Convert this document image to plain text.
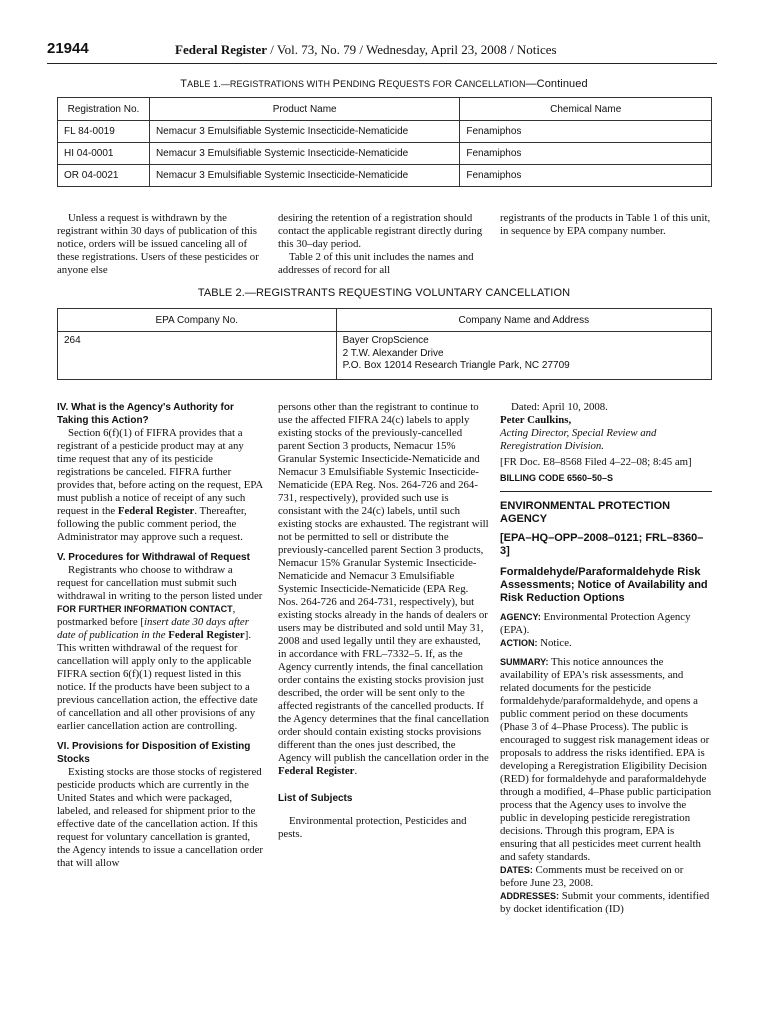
21944	Federal Register / Vol. 73, No. 79 / Wednesday, April 23, 2008 / Notices
TABLE 1.—REGISTRATIONS WITH PENDING REQUESTS FOR CANCELLATION—Continued
Registration No.	Product Name	Chemical Name
FL 84-0019	Nemacur 3 Emulsifiable Systemic Insecticide-Nematicide	Fenamiphos
HI 04-0001	Nemacur 3 Emulsifiable Systemic Insecticide-Nematicide	Fenamiphos
OR 04-0021	Nemacur 3 Emulsifiable Systemic Insecticide-Nematicide	Fenamiphos

Unless a request is withdrawn by the registrant within 30 days of publication of this notice, orders will be issued canceling all of these registrations. Users of these pesticides or anyone else

desiring the retention of a registration should contact the applicable registrant directly during this 30–day period.

Table 2 of this unit includes the names and addresses of record for all

registrants of the products in Table 1 of this unit, in sequence by EPA company number.

TABLE 2.—REGISTRANTS REQUESTING VOLUNTARY CANCELLATION
EPA Company No.	Company Name and Address
264	Bayer CropScience
2 T.W. Alexander Drive
P.O. Box 12014 Research Triangle Park, NC 27709
IV. What is the Agency's Authority for Taking this Action?

Section 6(f)(1) of FIFRA provides that a registrant of a pesticide product may at any time request that any of its pesticide registrations be canceled. FIFRA further provides that, before acting on the request, EPA must publish a notice of receipt of any such request in the Federal Register. Thereafter, following the public comment period, the Administrator may approve such a request.

V. Procedures for Withdrawal of Request

Registrants who choose to withdraw a request for cancellation must submit such withdrawal in writing to the person listed under FOR FURTHER INFORMATION CONTACT, postmarked before [insert date 30 days after date of publication in the Federal Register]. This written withdrawal of the request for cancellation will apply only to the applicable FIFRA section 6(f)(1) request listed in this notice. If the products have been subject to a previous cancellation action, the effective date of cancellation and all other provisions of any earlier cancellation action are controlling.

VI. Provisions for Disposition of Existing Stocks

Existing stocks are those stocks of registered pesticide products which are currently in the United States and which were packaged, labeled, and released for shipment prior to the effective date of the cancellation action. If this request for voluntary cancellation is granted, the Agency intends to issue a cancellation order that will allow

persons other than the registrant to continue to use the affected FIFRA 24(c) labels to apply existing stocks of the previously-cancelled parent Section 3 products, Nemacur 15% Granular Systemic Insecticide-Nematicide and Nemacur 3 Emulsifiable Systemic Insecticide-Nematicide (EPA Reg. Nos. 264-726 and 264-731, respectively), provided such use is consistant with the 24(c) labels, until such existing stocks are exhausted. The registrant will not be permitted to sell or distribute the previously-cancelled parent Section 3 products, Nemacur 15% Granular Systemic Insecticide-Nematicide and Nemacur 3 Emulsifiable Systemic Insecticide-Nematicide (EPA Reg. Nos. 264-726 and 264-731, respectively), but existing stocks already in the hands of dealers or users may be distributed and sold until May 31, 2008 and used legally until they are exhausted, in accordance with FRL–7332–5. If, as the Agency currently intends, the final cancellation order contains the existing stocks provision just described, the order will be sent only to the affected registrants of the cancelled products. If the Agency determines that the final cancellation order should contain existing stocks provisions different than the ones just described, the Agency will publish the cancellation order in the Federal Register.

List of Subjects

Environmental protection, Pesticides and pests.

Dated: April 10, 2008.

Peter Caulkins,

Acting Director, Special Review and Reregistration Division.

[FR Doc. E8–8568 Filed 4–22–08; 8:45 am]

BILLING CODE 6560–50–S

ENVIRONMENTAL PROTECTION AGENCY
[EPA–HQ–OPP–2008–0121; FRL–8360–3]
Formaldehyde/Paraformaldehyde Risk Assessments; Notice of Availability and Risk Reduction Options

AGENCY: Environmental Protection Agency (EPA).

ACTION: Notice.

SUMMARY: This notice announces the availability of EPA's risk assessments, and related documents for the pesticide formaldehyde/paraformaldehyde, and opens a public comment period on these documents (Phase 3 of 4–Phase Process). The public is encouraged to suggest risk management ideas or proposals to address the risks identified. EPA is developing a Reregistration Eligibility Decision (RED) for formaldehyde and paraformaldehyde through a modified, 4–Phase public participation process that the Agency uses to involve the public in developing pesticide reregistration decisions. Through this program, EPA is ensuring that all pesticides meet current health and safety standards.

DATES: Comments must be received on or before June 23, 2008.

ADDRESSES: Submit your comments, identified by docket identification (ID)
